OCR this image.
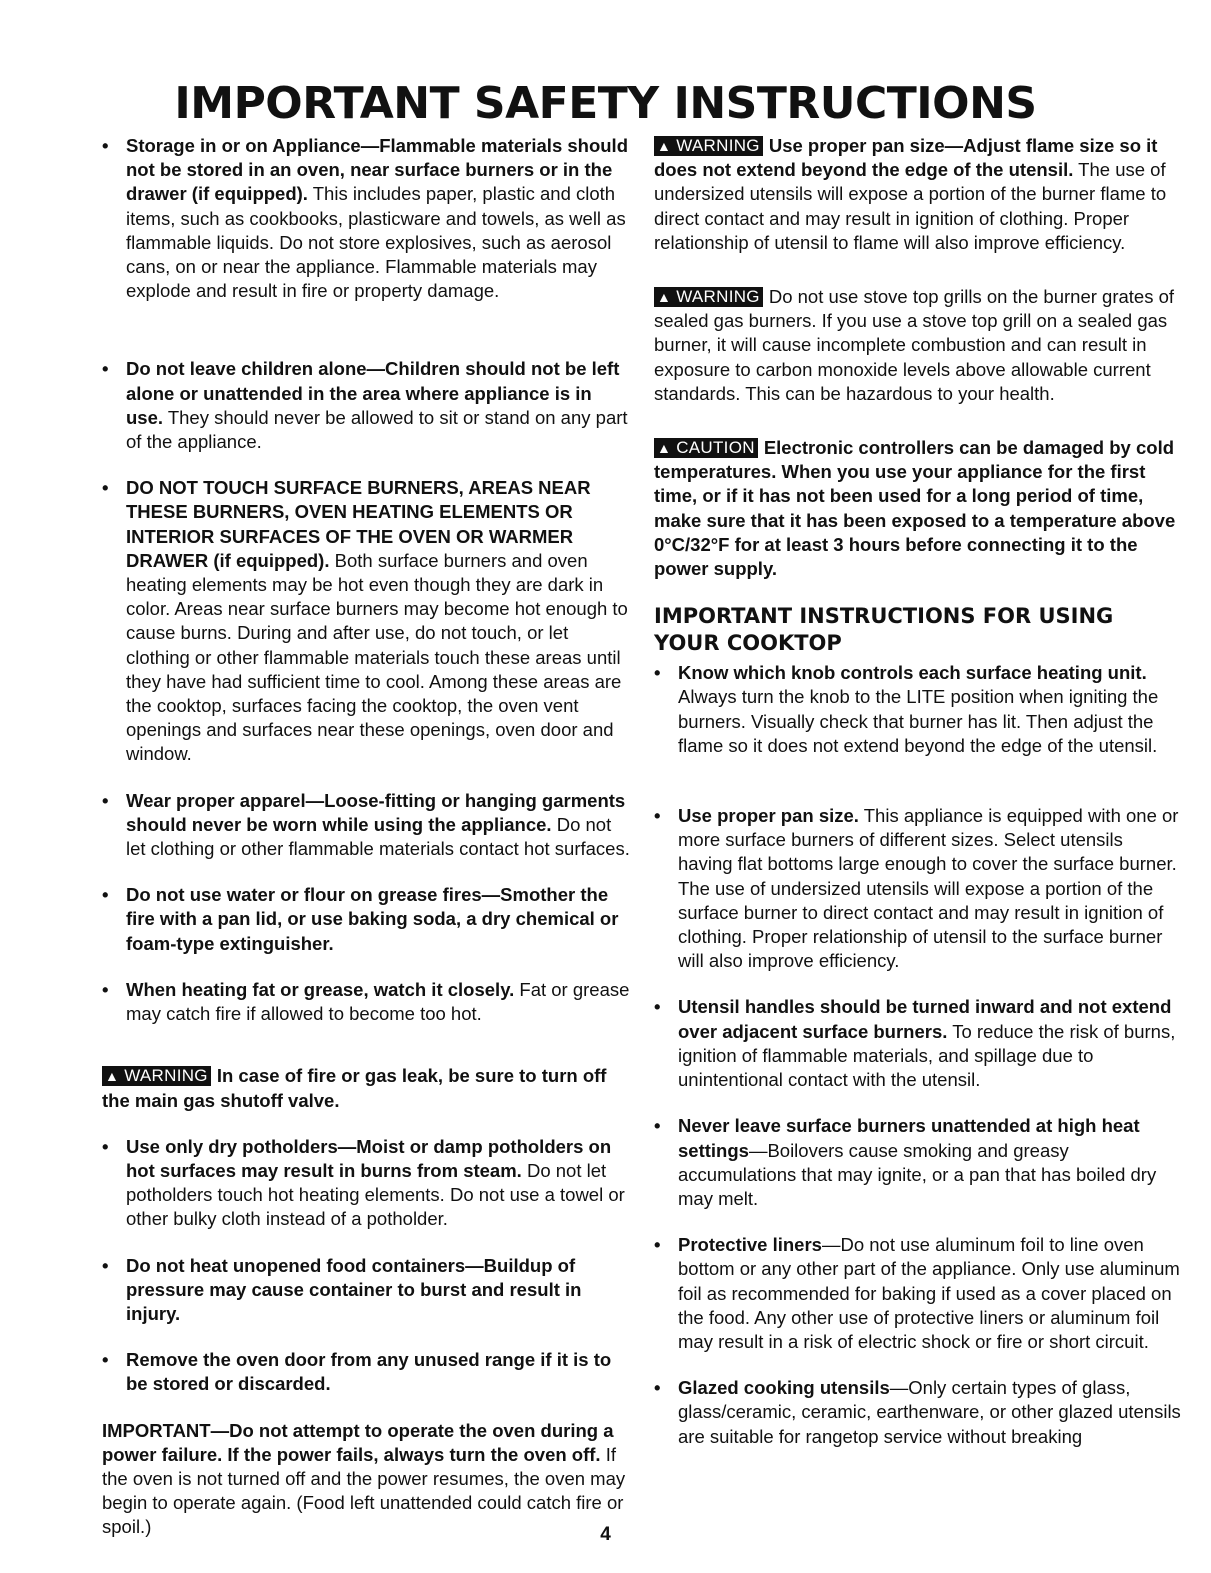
IMPORTANT SAFETY INSTRUCTIONS

• Storage in or on Appliance—Flammable materials should not be stored in an oven, near surface burners or in the drawer (if equipped). This includes paper, plastic and cloth items, such as cookbooks, plasticware and towels, as well as flammable liquids. Do not store explosives, such as aerosol cans, on or near the appliance. Flammable materials may explode and result in fire or property damage.

• Do not leave children alone—Children should not be left alone or unattended in the area where appliance is in use. They should never be allowed to sit or stand on any part of the appliance.

• DO NOT TOUCH SURFACE BURNERS, AREAS NEAR THESE BURNERS, OVEN HEATING ELEMENTS OR INTERIOR SURFACES OF THE OVEN OR WARMER DRAWER (if equipped). Both surface burners and oven heating elements may be hot even though they are dark in color. Areas near surface burners may become hot enough to cause burns. During and after use, do not touch, or let clothing or other flammable materials touch these areas until they have had sufficient time to cool. Among these areas are the cooktop, surfaces facing the cooktop, the oven vent openings and surfaces near these openings, oven door and window.

• Wear proper apparel—Loose-fitting or hanging garments should never be worn while using the appliance. Do not let clothing or other flammable materials contact hot surfaces.

• Do not use water or flour on grease fires—Smother the fire with a pan lid, or use baking soda, a dry chemical or foam-type extinguisher.

• When heating fat or grease, watch it closely. Fat or grease may catch fire if allowed to become too hot.

▲ WARNING In case of fire or gas leak, be sure to turn off the main gas shutoff valve.

• Use only dry potholders—Moist or damp potholders on hot surfaces may result in burns from steam. Do not let potholders touch hot heating elements. Do not use a towel or other bulky cloth instead of a potholder.

• Do not heat unopened food containers—Buildup of pressure may cause container to burst and result in injury.

• Remove the oven door from any unused range if it is to be stored or discarded.

IMPORTANT—Do not attempt to operate the oven during a power failure. If the power fails, always turn the oven off. If the oven is not turned off and the power resumes, the oven may begin to operate again. (Food left unattended could catch fire or spoil.)

▲ WARNING Use proper pan size—Adjust flame size so it does not extend beyond the edge of the utensil. The use of undersized utensils will expose a portion of the burner flame to direct contact and may result in ignition of clothing. Proper relationship of utensil to flame will also improve efficiency.

▲ WARNING Do not use stove top grills on the burner grates of sealed gas burners. If you use a stove top grill on a sealed gas burner, it will cause incomplete combustion and can result in exposure to carbon monoxide levels above allowable current standards. This can be hazardous to your health.

▲ CAUTION Electronic controllers can be damaged by cold temperatures. When you use your appliance for the first time, or if it has not been used for a long period of time, make sure that it has been exposed to a temperature above 0°C/32°F for at least 3 hours before connecting it to the power supply.

IMPORTANT INSTRUCTIONS FOR USING YOUR COOKTOP

• Know which knob controls each surface heating unit. Always turn the knob to the LITE position when igniting the burners. Visually check that burner has lit. Then adjust the flame so it does not extend beyond the edge of the utensil.

• Use proper pan size. This appliance is equipped with one or more surface burners of different sizes. Select utensils having flat bottoms large enough to cover the surface burner. The use of undersized utensils will expose a portion of the surface burner to direct contact and may result in ignition of clothing. Proper relationship of utensil to the surface burner will also improve efficiency.

• Utensil handles should be turned inward and not extend over adjacent surface burners. To reduce the risk of burns, ignition of flammable materials, and spillage due to unintentional contact with the utensil.

• Never leave surface burners unattended at high heat settings—Boilovers cause smoking and greasy accumulations that may ignite, or a pan that has boiled dry may melt.

• Protective liners—Do not use aluminum foil to line oven bottom or any other part of the appliance. Only use aluminum foil as recommended for baking if used as a cover placed on the food. Any other use of protective liners or aluminum foil may result in a risk of electric shock or fire or short circuit.

• Glazed cooking utensils—Only certain types of glass, glass/ceramic, ceramic, earthenware, or other glazed utensils are suitable for rangetop service without breaking

4
